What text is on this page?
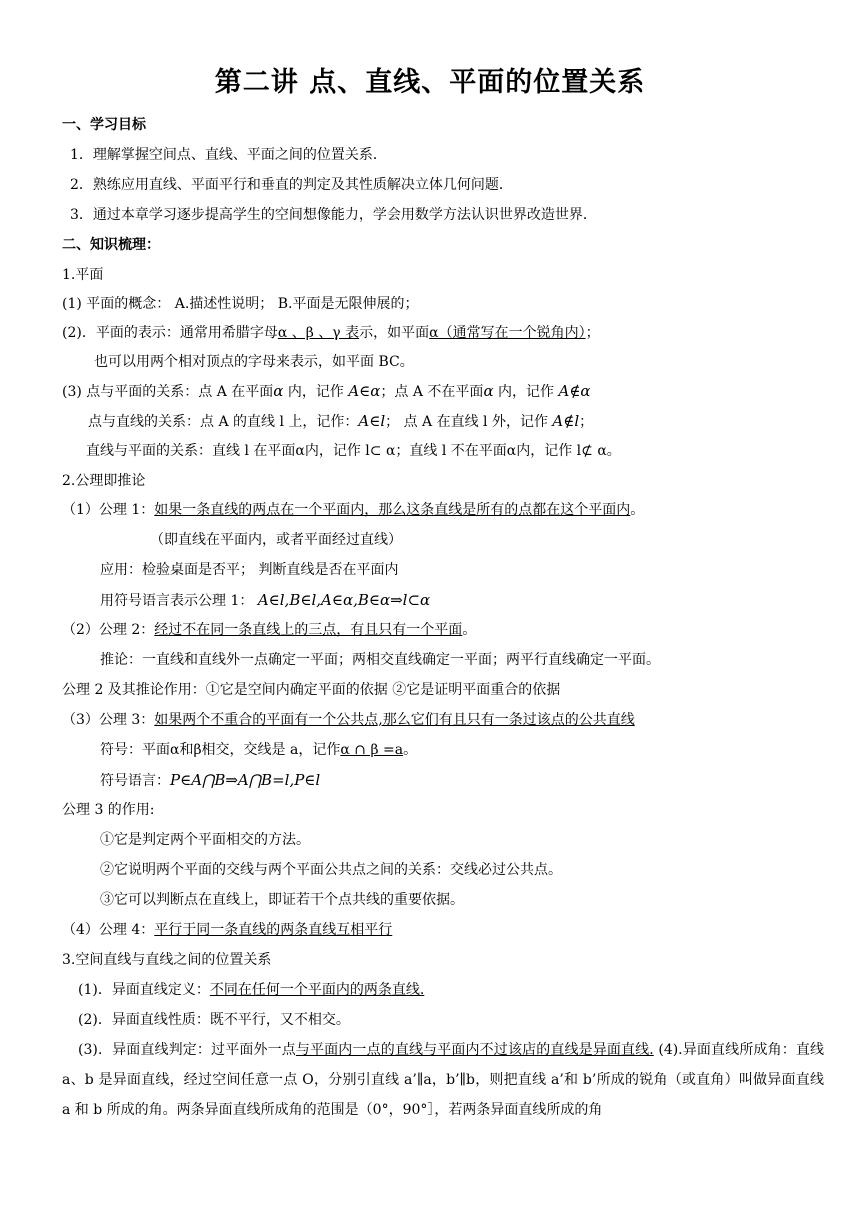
第二讲 点、直线、平面的位置关系
一、学习目标
1．理解掌握空间点、直线、平面之间的位置关系．
2．熟练应用直线、平面平行和垂直的判定及其性质解决立体几何问题．
3．通过本章学习逐步提高学生的空间想像能力，学会用数学方法认识世界改造世界．
二、知识梳理：
1.平面
(1) 平面的概念： A.描述性说明； B.平面是无限伸展的；
(2)．平面的表示：通常用希腊字母α 、β 、γ 表示，如平面α（通常写在一个锐角内）；
也可以用两个相对顶点的字母来表示，如平面 BC。
(3) 点与平面的关系：点 A 在平面α 内，记作 A∈α；点 A 不在平面α 内，记作 A∉α
点与直线的关系：点 A 的直线 l 上，记作：A∈l； 点 A 在直线 l 外，记作 A∉l；
直线与平面的关系：直线 l 在平面α内，记作 l⊂ α；直线 l 不在平面α内，记作 l⊄ α。
2.公理即推论
（1）公理 1：如果一条直线的两点在一个平面内，那么这条直线是所有的点都在这个平面内。
（即直线在平面内，或者平面经过直线）
应用：检验桌面是否平； 判断直线是否在平面内
用符号语言表示公理 1： A∈l,B∈l,A∈α,B∈α⇒l⊂α
（2）公理 2：经过不在同一条直线上的三点，有且只有一个平面。
推论：一直线和直线外一点确定一平面；两相交直线确定一平面；两平行直线确定一平面。
公理 2 及其推论作用：①它是空间内确定平面的依据 ②它是证明平面重合的依据
（3）公理 3：如果两个不重合的平面有一个公共点,那么它们有且只有一条过该点的公共直线
符号：平面α和β相交，交线是 a，记作α ∩ β =a。
符号语言：P∈A⋂B⇒A⋂B=l,P∈l
公理 3 的作用:
①它是判定两个平面相交的方法。
②它说明两个平面的交线与两个平面公共点之间的关系：交线必过公共点。
③它可以判断点在直线上，即证若干个点共线的重要依据。
（4）公理 4：平行于同一条直线的两条直线互相平行
3.空间直线与直线之间的位置关系
(1)．异面直线定义：不同在任何一个平面内的两条直线.
(2)．异面直线性质：既不平行，又不相交。
(3)．异面直线判定：过平面外一点与平面内一点的直线与平面内不过该店的直线是异面直线. (4).异面直线所成角：直线 a、b 是异面直线，经过空间任意一点 O，分别引直线 a’∥a，b’∥b，则把直线 a’和 b’所成的锐角（或直角）叫做异面直线 a 和 b 所成的角。两条异面直线所成角的范围是（0°，90°］，若两条异面直线所成的角
